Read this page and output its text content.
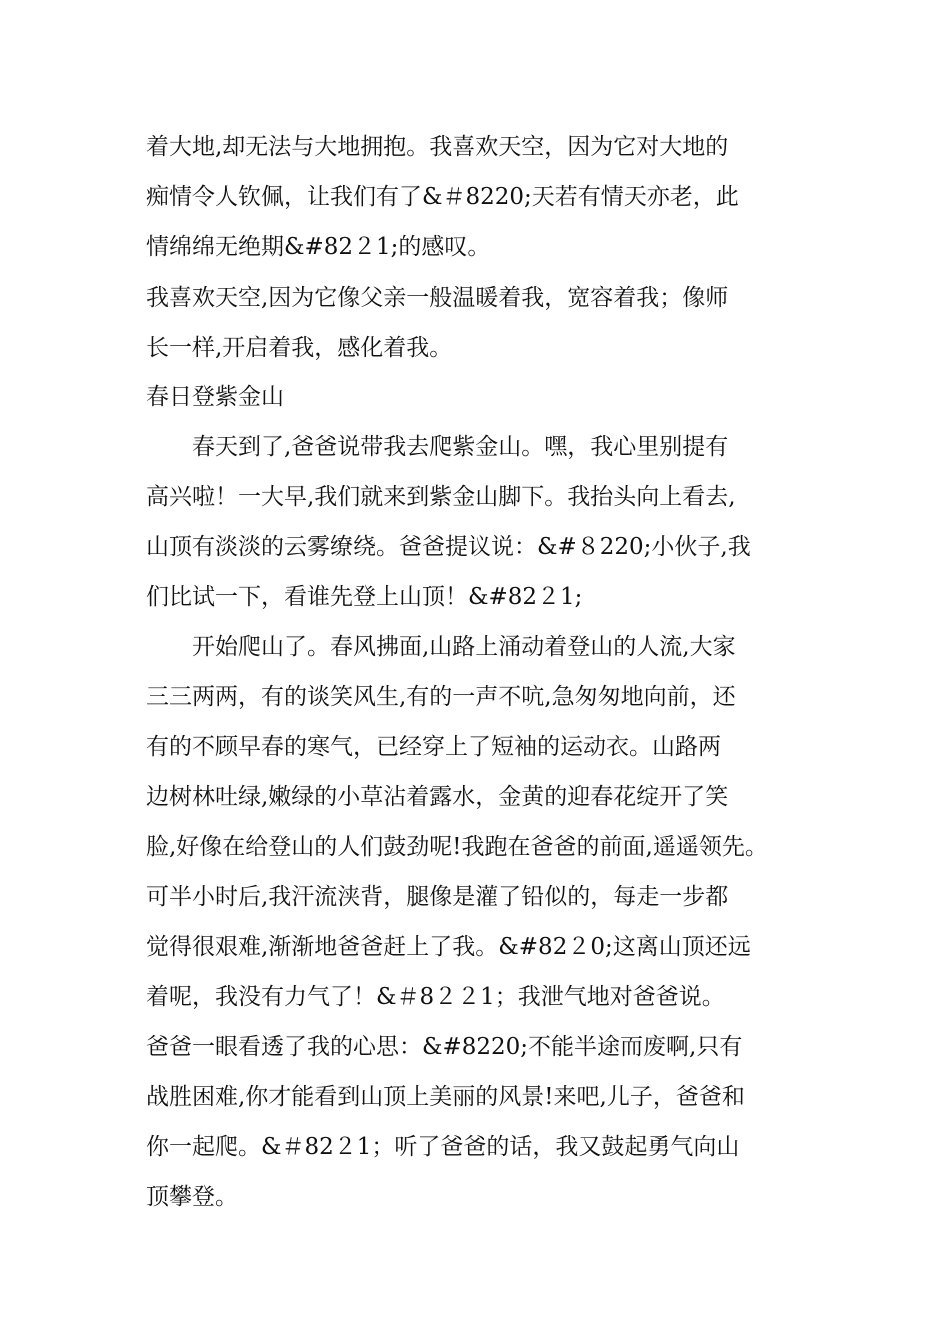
着大地,却无法与大地拥抱。我喜欢天空，因为它对大地的
痴情令人钦佩，让我们有了&＃8220;天若有情天亦老，此
情绵绵无绝期&#82２1;的感叹。
我喜欢天空,因为它像父亲一般温暖着我，宽容着我；像师
长一样,开启着我，感化着我。
春日登紫金山
　　春天到了,爸爸说带我去爬紫金山。嘿，我心里别提有
高兴啦！一大早,我们就来到紫金山脚下。我抬头向上看去,
山顶有淡淡的云雾缭绕。爸爸提议说：&#８220;小伙子,我
们比试一下，看谁先登上山顶！&#82２1;
　　开始爬山了。春风拂面,山路上涌动着登山的人流,大家
三三两两，有的谈笑风生,有的一声不吭,急匆匆地向前，还
有的不顾早春的寒气，已经穿上了短袖的运动衣。山路两
边树林吐绿,嫩绿的小草沾着露水，金黄的迎春花绽开了笑
脸,好像在给登山的人们鼓劲呢!我跑在爸爸的前面,遥遥领先。
可半小时后,我汗流浃背，腿像是灌了铅似的，每走一步都
觉得很艰难,渐渐地爸爸赶上了我。&#82２0;这离山顶还远
着呢，我没有力气了！&＃8２２1；我泄气地对爸爸说。
爸爸一眼看透了我的心思：&#8220;不能半途而废啊,只有
战胜困难,你才能看到山顶上美丽的风景!来吧,儿子，爸爸和
你一起爬。&＃82２1；听了爸爸的话，我又鼓起勇气向山
顶攀登。
